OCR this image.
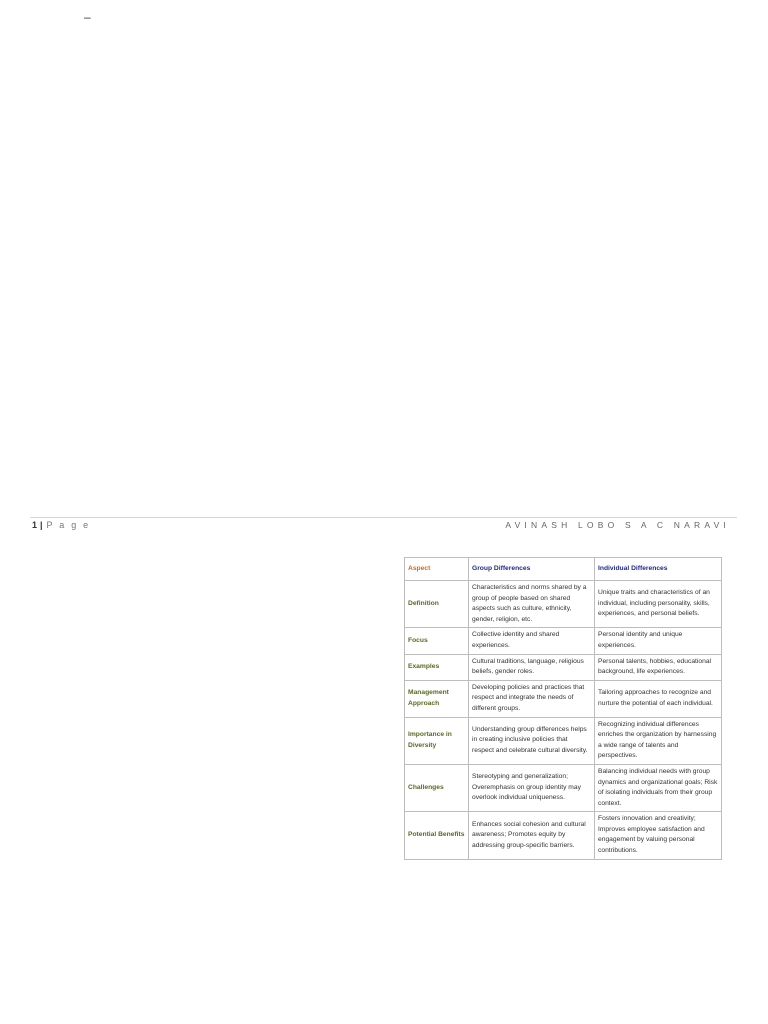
–
1 | P a g e	AVINASH LOBO S A C NARAVI
Aspect	Group Differences	Individual Differences
Definition	Characteristics and norms shared by a group of people based on shared aspects such as culture, ethnicity, gender, religion, etc.	Unique traits and characteristics of an individual, including personality, skills, experiences, and personal beliefs.
Focus	Collective identity and shared experiences.	Personal identity and unique experiences.
Examples	Cultural traditions, language, religious beliefs, gender roles.	Personal talents, hobbies, educational background, life experiences.
Management Approach	Developing policies and practices that respect and integrate the needs of different groups.	Tailoring approaches to recognize and nurture the potential of each individual.
Importance in Diversity	Understanding group differences helps in creating inclusive policies that respect and celebrate cultural diversity.	Recognizing individual differences enriches the organization by harnessing a wide range of talents and perspectives.
Challenges	Stereotyping and generalization; Overemphasis on group identity may overlook individual uniqueness.	Balancing individual needs with group dynamics and organizational goals; Risk of isolating individuals from their group context.
Potential Benefits	Enhances social cohesion and cultural awareness; Promotes equity by addressing group-specific barriers.	Fosters innovation and creativity; Improves employee satisfaction and engagement by valuing personal contributions.
